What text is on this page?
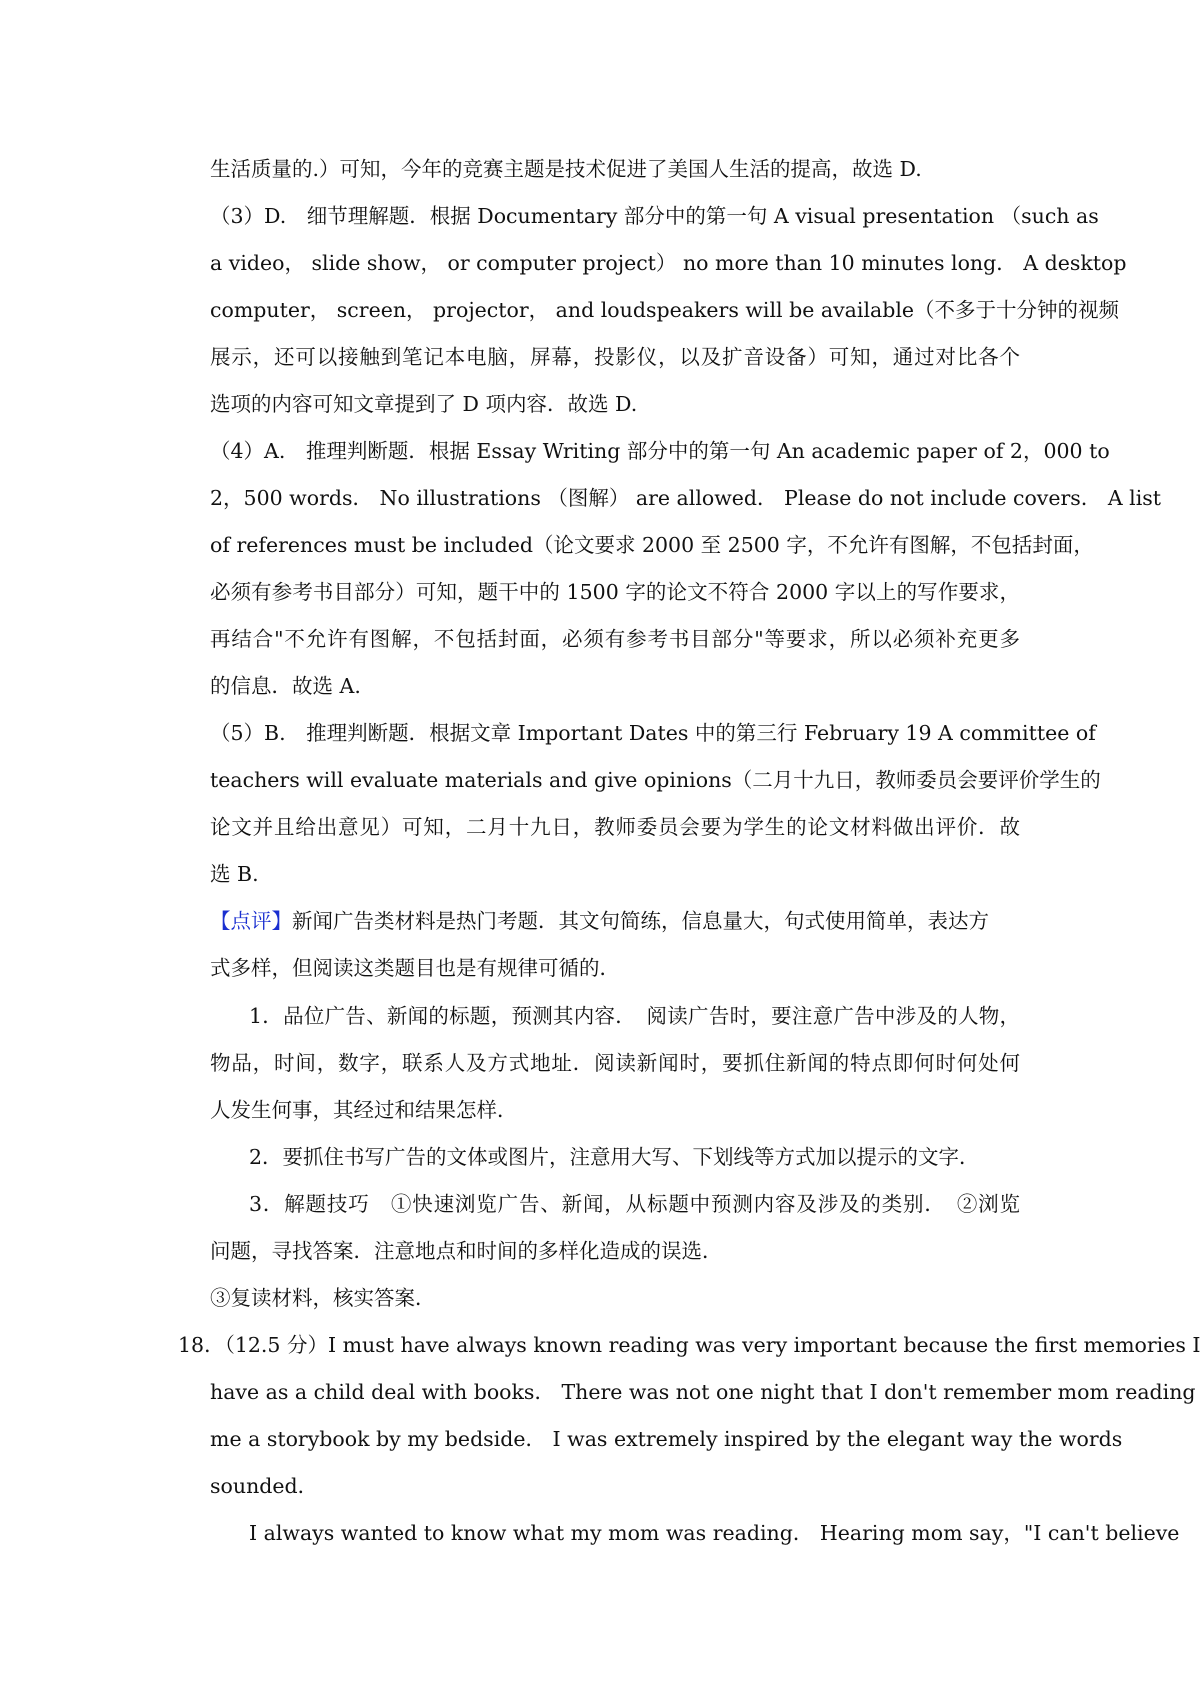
生活质量的.）可知，今年的竞赛主题是技术促进了美国人生活的提高，故选 D.
（3）D.　细节理解题．根据 Documentary 部分中的第一句 A visual presentation （such as
a video， slide show， or computer project） no more than 10 minutes long． A desktop
computer， screen， projector， and loudspeakers will be available（不多于十分钟的视频
展示，还可以接触到笔记本电脑，屏幕，投影仪，以及扩音设备）可知，通过对比各个
选项的内容可知文章提到了 D 项内容．故选 D.
（4）A.　推理判断题．根据 Essay Writing 部分中的第一句 An academic paper of 2，000 to
2，500 words． No illustrations （图解） are allowed． Please do not include covers． A list
of references must be included（论文要求 2000 至 2500 字，不允许有图解，不包括封面，
必须有参考书目部分）可知，题干中的 1500 字的论文不符合 2000 字以上的写作要求，
再结合"不允许有图解，不包括封面，必须有参考书目部分"等要求，所以必须补充更多
的信息．故选 A.
（5）B.　推理判断题．根据文章 Important Dates 中的第三行 February 19 A committee of
teachers will evaluate materials and give opinions（二月十九日，教师委员会要评价学生的
论文并且给出意见）可知，二月十九日，教师委员会要为学生的论文材料做出评价．故
选 B.
【点评】新闻广告类材料是热门考题．其文句简练，信息量大，句式使用简单，表达方
式多样，但阅读这类题目也是有规律可循的．
1．品位广告、新闻的标题，预测其内容．　阅读广告时，要注意广告中涉及的人物，
物品，时间，数字，联系人及方式地址．阅读新闻时，要抓住新闻的特点即何时何处何
人发生何事，其经过和结果怎样．
2．要抓住书写广告的文体或图片，注意用大写、下划线等方式加以提示的文字．
3．解题技巧　①快速浏览广告、新闻，从标题中预测内容及涉及的类别．　②浏览
问题，寻找答案．注意地点和时间的多样化造成的误选．
③复读材料，核实答案．
18．（12.5 分）I must have always known reading was very important because the first memories I
have as a child deal with books． There was not one night that I don't remember mom reading
me a storybook by my bedside． I was extremely inspired by the elegant way the words
sounded．
I always wanted to know what my mom was reading． Hearing mom say，"I can't believe
